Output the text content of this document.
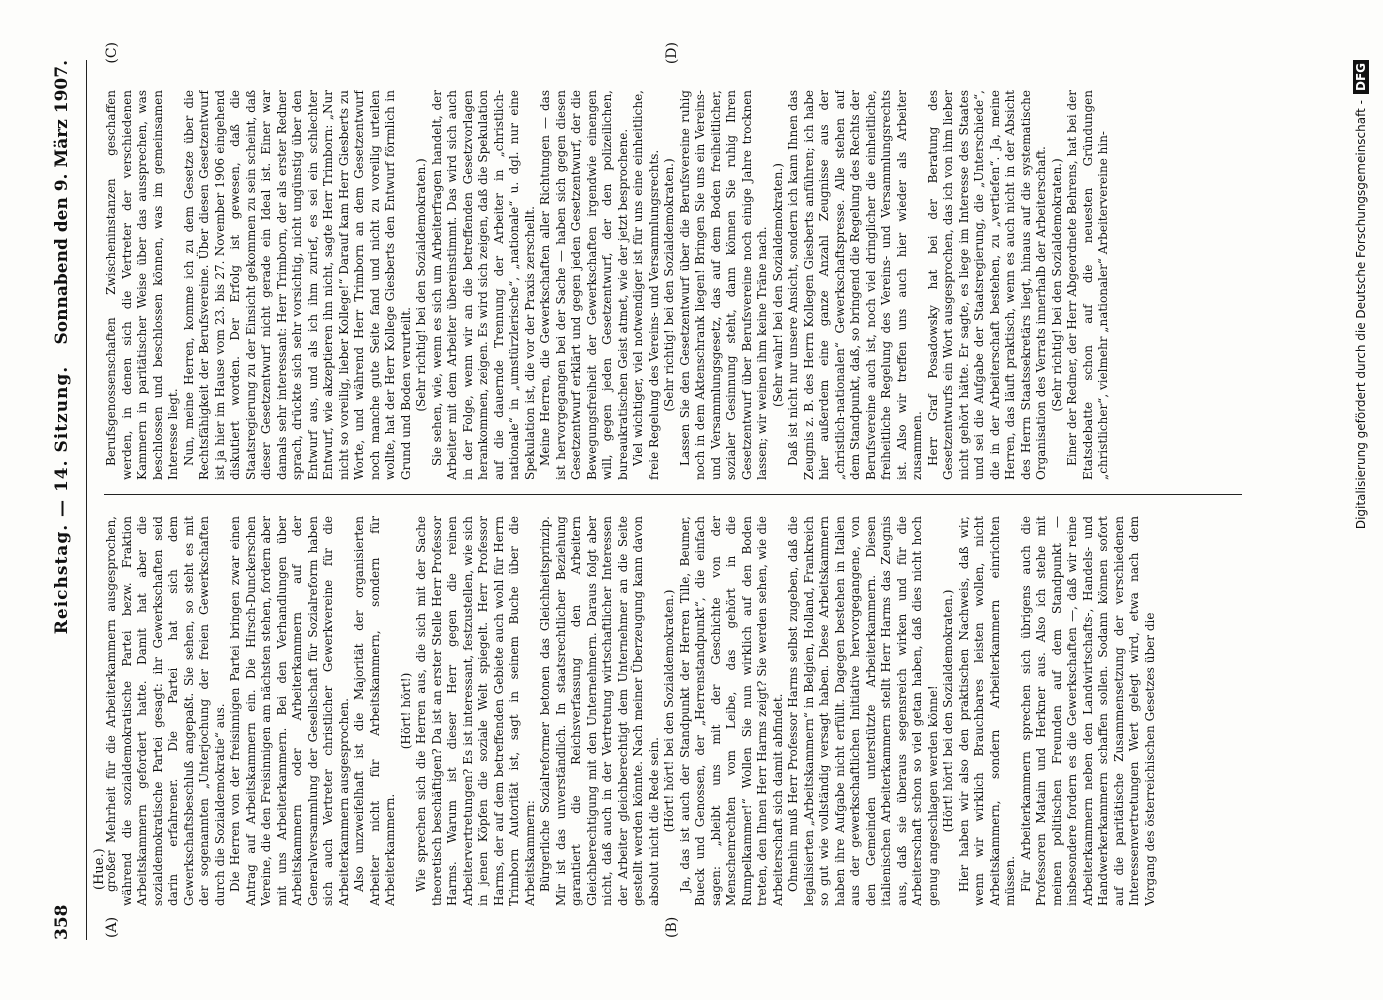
358
Reichstag. — 14. Sitzung.
Sonnabend den 9. März 1907.
(Hue.)
(A)	(B)
(C)	(D)

großer Mehrheit für die Arbeiterkammern ausgesprochen, während die sozialdemokratische Partei bezw. Fraktion Arbeitskammern gefordert hatte. Damit hat aber die sozialdemokratische Partei gesagt: ihr Gewerkschaften seid darin erfahrener. Die Partei hat sich dem Gewerkschaftsbeschluß angepaßt. Sie sehen, so steht es mit der sogenannten „Unterjochung der freien Gewerkschaften durch die Sozialdemokratie“ aus. Die Herren von der freisinnigen Partei bringen zwar einen Antrag auf Arbeitskammern ein. Die Hirsch-Dunckerschen Vereine, die den Freisinnigen am nächsten stehen, fordern aber mit uns Arbeiterkammern. Bei den Verhandlungen über Arbeitskammern oder Arbeiterkammern auf der Generalversammlung der Gesellschaft für Sozialreform haben sich auch Vertreter christlicher Gewerkvereine für die Arbeiterkammern ausgesprochen. Also unzweifelhaft ist die Majorität der organisierten Arbeiter nicht für Arbeitskammern, sondern für Arbeiterkammern.

(Hört! hört!) Wie sprechen sich die Herren aus, die sich mit der Sache theoretisch beschäftigen? Da ist an erster Stelle Herr Professor Harms. Warum ist dieser Herr gegen die reinen Arbeitervertretungen? Es ist interessant, festzustellen, wie sich in jenen Köpfen die soziale Welt spiegelt. Herr Professor Harms, der auf dem betreffenden Gebiete auch wohl für Herrn Trimborn Autorität ist, sagt in seinem Buche über die Arbeitskammern: Bürgerliche Sozialreformer betonen das Gleichheitsprinzip. Mir ist das unverständlich. In staatsrechtlicher Beziehung garantiert die Reichsverfassung den Arbeitern Gleichberechtigung mit den Unternehmern. Daraus folgt aber nicht, daß auch in der Vertretung wirtschaftlicher Interessen der Arbeiter gleichberechtigt dem Unternehmer an die Seite gestellt werden könnte. Nach meiner Überzeugung kann davon absolut nicht die Rede sein. (Hört! hört! bei den Sozialdemokraten.) Ja, das ist auch der Standpunkt der Herren Tille, Beumer, Bueck und Genossen, der „Herrenstandpunkt“, die einfach sagen: „bleibt uns mit der Geschichte von der Menschenrechten vom Leibe, das gehört in die Rumpelkammer!“ Wollen Sie nun wirklich auf den Boden treten, den Ihnen Herr Harms zeigt? Sie werden sehen, wie die Arbeiterschaft sich damit abfindet. Ohnehin muß Herr Professor Harms selbst zugeben, daß die legalisierten „Arbeitskammern“ in Belgien, Holland, Frankreich so gut wie vollständig versagt haben. Diese Arbeitskammern haben ihre Aufgabe nicht erfüllt. Dagegen bestehen in Italien aus der gewerkschaftlichen Initiative hervorgegangene, von den Gemeinden unterstützte Arbeiterkammern. Diesen italienischen Arbeiterkammern stellt Herr Harms das Zeugnis aus, daß sie überaus segensreich wirken und für die Arbeiterschaft schon so viel getan haben, daß dies nicht hoch genug angeschlagen werden könne! (Hört! hört! bei den Sozialdemokraten.) Hier haben wir also den praktischen Nachweis, daß wir, wenn wir wirklich Brauchbares leisten wollen, nicht Arbeitskammern, sondern Arbeiterkammern einrichten müssen. Für Arbeiterkammern sprechen sich übrigens auch die Professoren Matain und Herkner aus. Also ich stehe mit meinen politischen Freunden auf dem Standpunkt — insbesondere fordern es die Gewerkschaften —, daß wir reine Arbeiterkammern neben den Landwirtschafts-, Handels- und Handwerkerkammern schaffen sollen. Sodann können sofort auf die paritätische Zusammensetzung der verschiedenen Interessenvertretungen Wert gelegt wird, etwa nach dem Vorgang des österreichischen Gesetzes über die

Berufsgenossenschaften Zwischeninstanzen geschaffen werden, in denen sich die Vertreter der verschiedenen Kammern in paritätischer Weise über das aussprechen, was beschlossen und beschlossen können, was im gemeinsamen Interesse liegt. Nun, meine Herren, komme ich zu dem Gesetze über die Rechtsfähigkeit der Berufsvereine. Über diesen Gesetzentwurf ist ja hier im Hause vom 23. bis 27. November 1906 eingehend diskutiert worden. Der Erfolg ist gewesen, daß die Staatsregierung zu der Einsicht gekommen zu sein scheint, daß dieser Gesetzentwurf nicht gerade ein Ideal ist. Einer war damals sehr interessant: Herr Trimborn, der als erster Redner sprach, drückte sich sehr vorsichtig, nicht ungünstig über den Entwurf aus, und als ich ihm zurief, es sei ein schlechter Entwurf, wie akzeptieren ihn nicht, sagte Herr Trimborn: „Nur nicht so voreilig, lieber Kollege!“ Darauf kam Herr Giesberts zu Worte, und während Herr Trimborn an dem Gesetzentwurf noch manche gute Seite fand und nicht zu voreilig urteilen wollte, hat der Herr Kollege Giesberts den Entwurf förmlich in Grund und Boden verurteilt. (Sehr richtig! bei den Sozialdemokraten.) Sie sehen, wie, wenn es sich um Arbeiterfragen handelt, der Arbeiter mit dem Arbeiter übereinstimmt. Das wird sich auch in der Folge, wenn wir an die betreffenden Gesetzvorlagen herankommen, zeigen. Es wird sich zeigen, daß die Spekulation auf die dauernde Trennung der Arbeiter in „christlich-nationale“ in „umstürzlerische“, „nationale“ u. dgl. nur eine Spekulation ist, die vor der Praxis zerschellt. Meine Herren, die Gewerkschaften aller Richtungen — das ist hervorgegangen bei der Sache — haben sich gegen diesen Gesetzentwurf erklärt und gegen jeden Gesetzentwurf, der die Bewegungsfreiheit der Gewerkschaften irgendwie einengen will, gegen jeden Gesetzentwurf, der den polizeilichen, bureaukratischen Geist atmet, wie der jetzt besprochene. Viel wichtiger, viel notwendiger ist für uns eine einheitliche, freie Regelung des Vereins- und Versammlungsrechts. (Sehr richtig! bei den Sozialdemokraten.) Lassen Sie den Gesetzentwurf über die Berufsvereine ruhig noch in dem Aktenschrank liegen! Bringen Sie uns ein Vereins- und Versammlungsgesetz, das auf dem Boden freiheitlicher, sozialer Gesinnung steht, dann können Sie ruhig Ihren Gesetzentwurf über Berufsvereine noch einige Jahre trocknen lassen; wir weinen ihm keine Träne nach. (Sehr wahr! bei den Sozialdemokraten.) Daß ist nicht nur unsere Ansicht, sondern ich kann Ihnen das Zeugnis z. B. des Herrn Kollegen Giesberts anführen; ich habe hier außerdem eine ganze Anzahl Zeugnisse aus der „christlich-nationalen“ Gewerkschaftspresse. Alle stehen auf dem Standpunkt, daß, so bringend die Regelung des Rechts der Berufsvereine auch ist, noch viel dringlicher die einheitliche, freiheitliche Regelung des Vereins- und Versammlungsrechts ist. Also wir treffen uns auch hier wieder als Arbeiter zusammen. Herr Graf Posadowsky hat bei der Beratung des Gesetzentwurfs ein Wort ausgesprochen, das ich von ihm lieber nicht gehört hätte. Er sagte, es liege im Interesse des Staates und sei die Aufgabe der Staatsregierung, die „Unterschiede“, die in der Arbeiterschaft bestehen, zu „vertiefen“. Ja, meine Herren, das läuft praktisch, wenn es auch nicht in der Absicht des Herrn Staatssekretärs liegt, hinaus auf die systematische Organisation des Verrats innerhalb der Arbeiterschaft. (Sehr richtig! bei den Sozialdemokraten.) Einer der Redner, der Herr Abgeordnete Behrens, hat bei der Etatsdebatte schon auf die neuesten Gründungen „christlicher“, vielmehr „nationaler“ Arbeitervereine hin-	Digitalisierung gefördert durch die Deutsche Forschungsgemeinschaft -DFG
